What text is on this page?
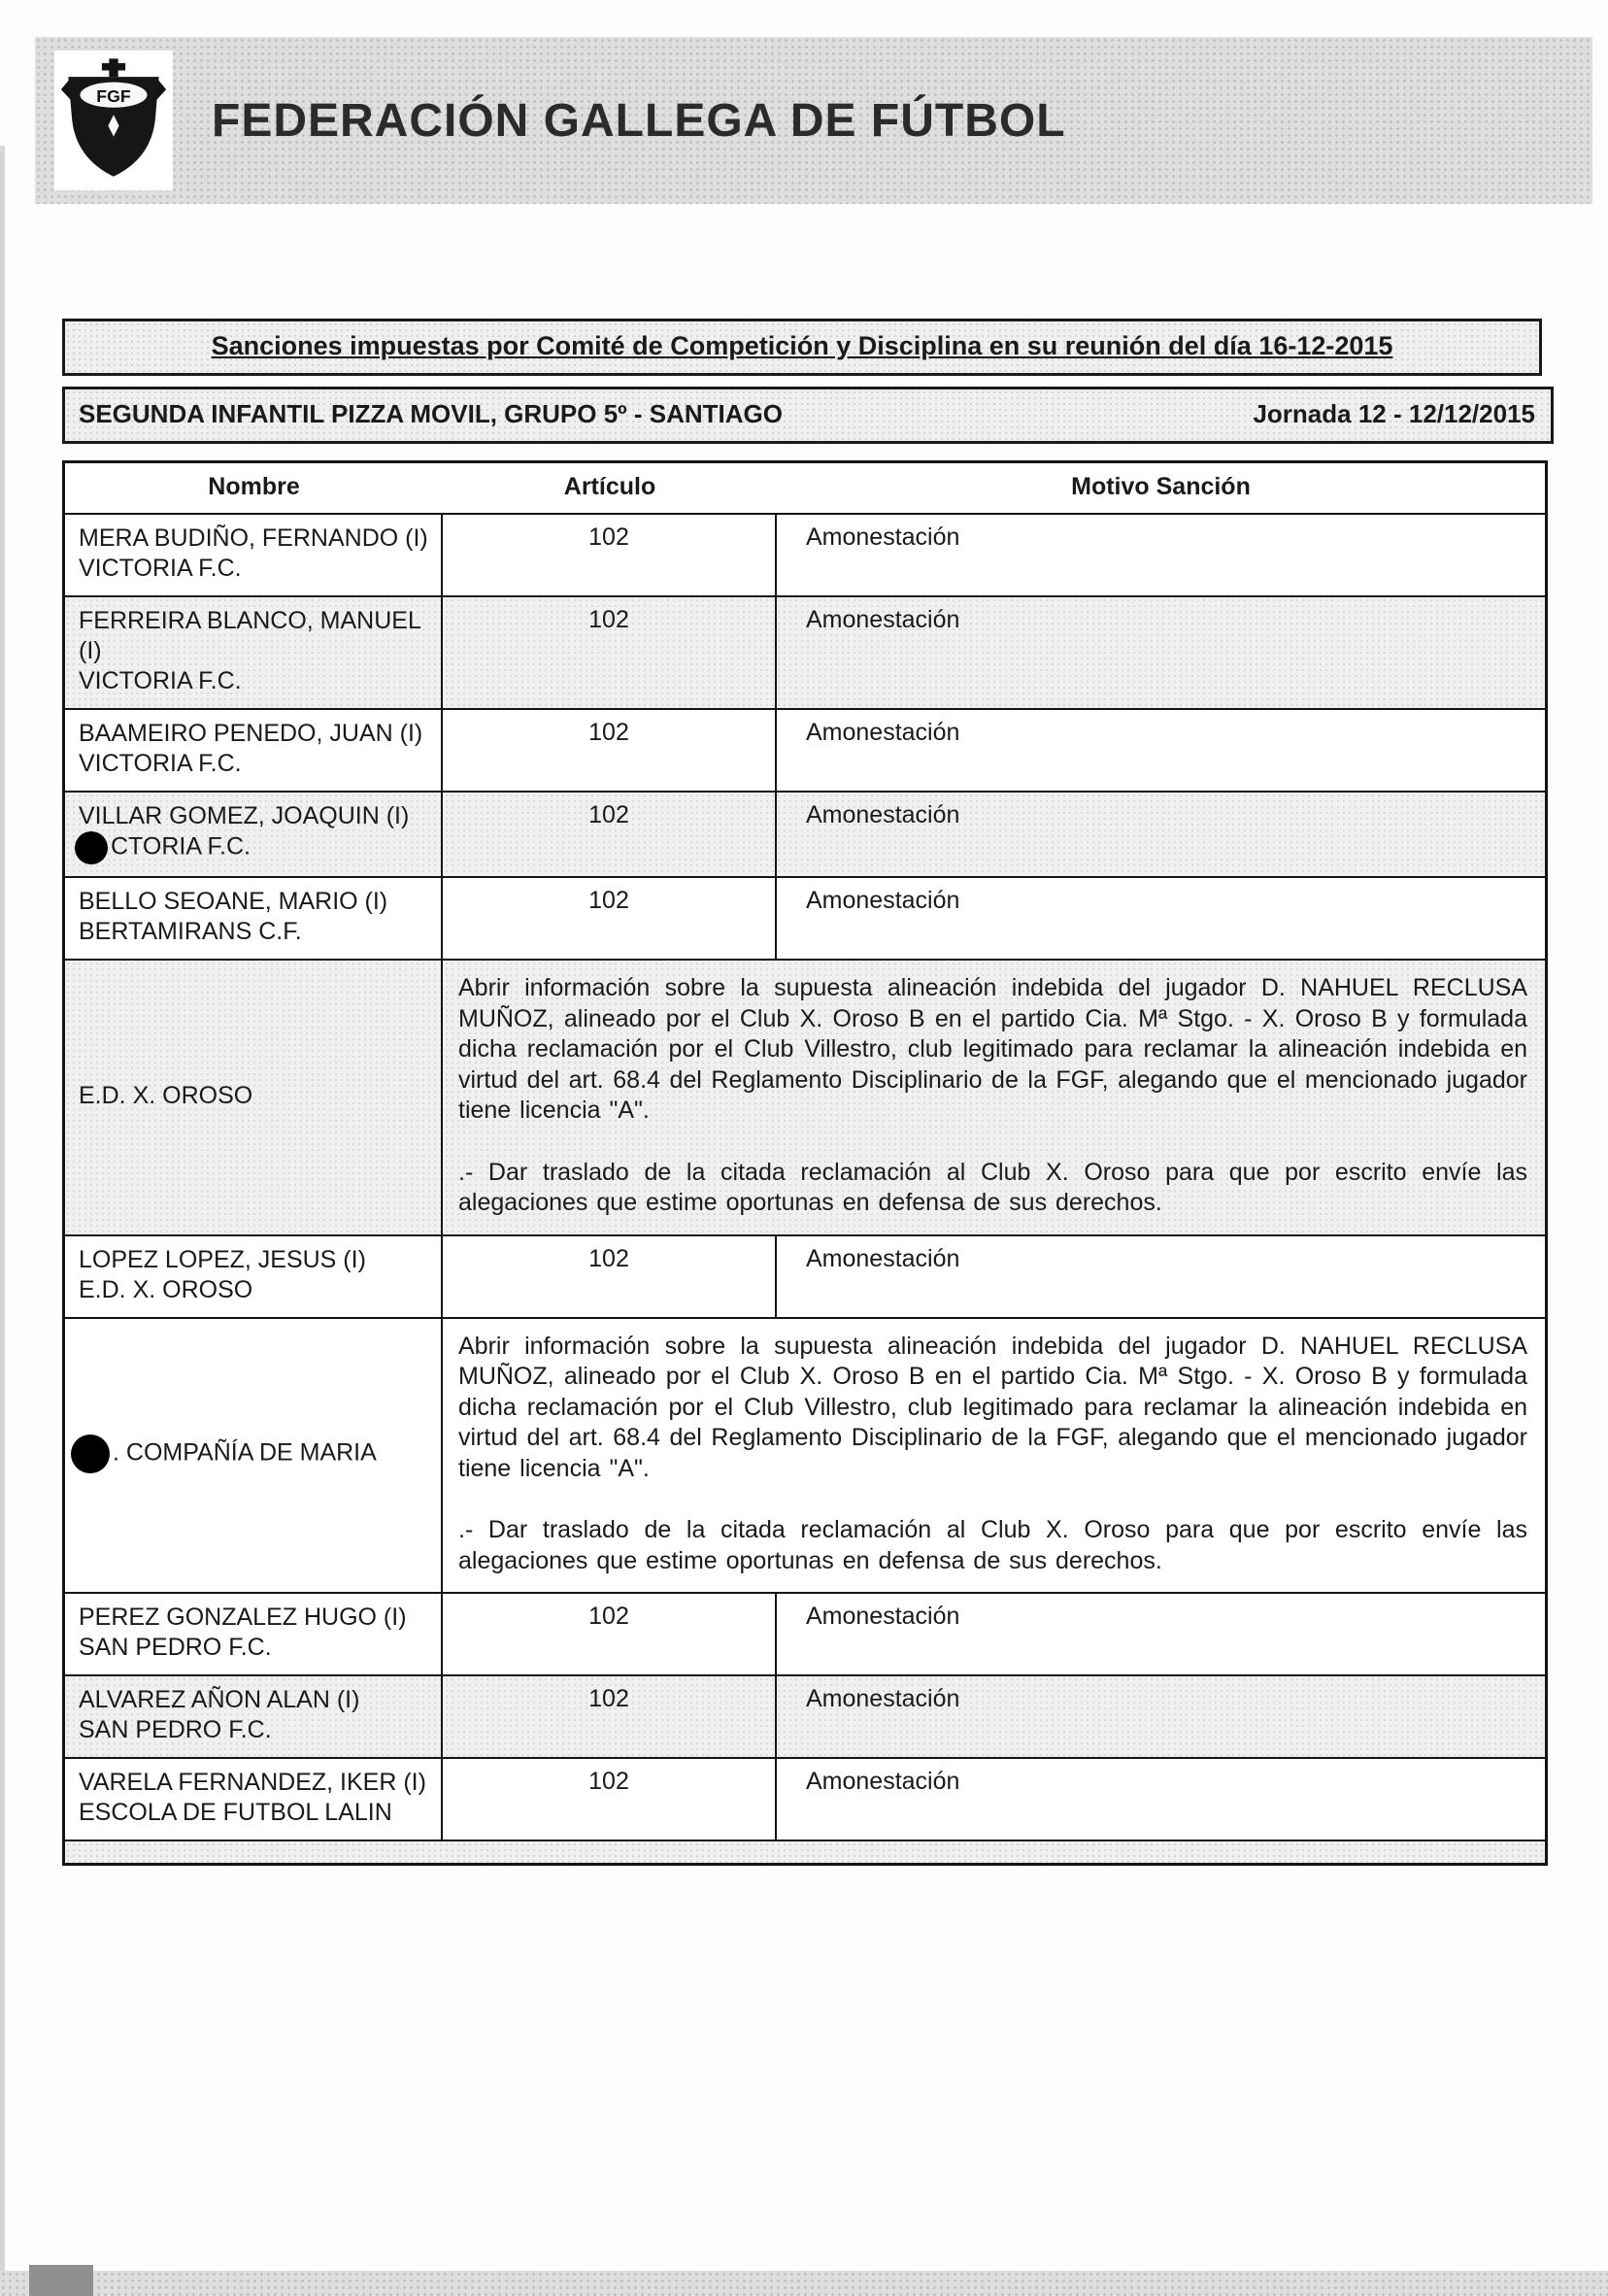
FGF FEDERACIÓN GALLEGA DE FÚTBOL
Sanciones impuestas por Comité de Competición y Disciplina en su reunión del día 16-12-2015
SEGUNDA INFANTIL PIZZA MOVIL, GRUPO 5º - SANTIAGO	Jornada 12 - 12/12/2015
Nombre	Artículo	Motivo Sanción
MERA BUDIÑO, FERNANDO (I)
VICTORIA F.C.
102	Amonestación
FERREIRA BLANCO, MANUEL (I)
VICTORIA F.C.
102	Amonestación
BAAMEIRO PENEDO, JUAN (I)
VICTORIA F.C.
102	Amonestación
VILLAR GOMEZ, JOAQUIN (I)
CTORIA F.C.
102	Amonestación
BELLO SEOANE, MARIO (I)
BERTAMIRANS C.F.
102	Amonestación
E.D. X. OROSO

Abrir información sobre la supuesta alineación indebida del jugador D. NAHUEL RECLUSA MUÑOZ, alineado por el Club X. Oroso B en el partido Cia. Mª Stgo. - X. Oroso B y formulada dicha reclamación por el Club Villestro, club legitimado para reclamar la alineación indebida en virtud del art. 68.4 del Reglamento Disciplinario de la FGF, alegando que el mencionado jugador tiene licencia "A".

.- Dar traslado de la citada reclamación al Club X. Oroso para que por escrito envíe las alegaciones que estime oportunas en defensa de sus derechos.

LOPEZ LOPEZ, JESUS (I)
E.D. X. OROSO
102	Amonestación
. COMPAÑÍA DE MARIA

Abrir información sobre la supuesta alineación indebida del jugador D. NAHUEL RECLUSA MUÑOZ, alineado por el Club X. Oroso B en el partido Cia. Mª Stgo. - X. Oroso B y formulada dicha reclamación por el Club Villestro, club legitimado para reclamar la alineación indebida en virtud del art. 68.4 del Reglamento Disciplinario de la FGF, alegando que el mencionado jugador tiene licencia "A".

.- Dar traslado de la citada reclamación al Club X. Oroso para que por escrito envíe las alegaciones que estime oportunas en defensa de sus derechos.

PEREZ GONZALEZ HUGO (I)
SAN PEDRO F.C.
102	Amonestación
ALVAREZ AÑON ALAN (I)
SAN PEDRO F.C.
102	Amonestación
VARELA FERNANDEZ, IKER (I)
ESCOLA DE FUTBOL LALIN
102	Amonestación
